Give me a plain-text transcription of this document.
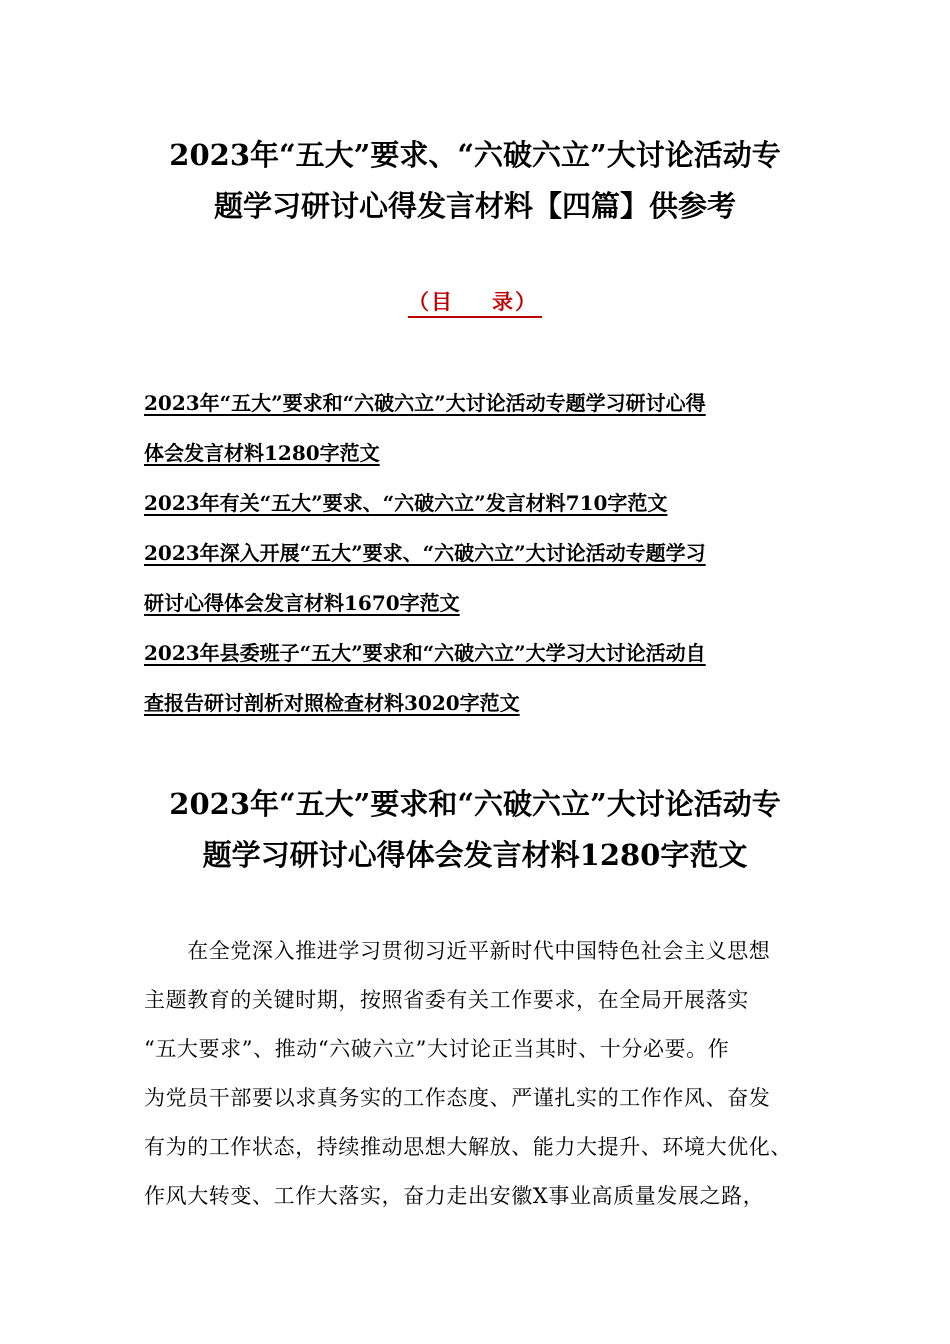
2023年“五大”要求、“六破六立”大讨论活动专
题学习研讨心得发言材料【四篇】供参考
（目 录）
2023年“五大”要求和“六破六立”大讨论活动专题学习研讨心得
体会发言材料1280字范文
2023年有关“五大”要求、“六破六立”发言材料710字范文
2023年深入开展“五大”要求、“六破六立”大讨论活动专题学习
研讨心得体会发言材料1670字范文
2023年县委班子“五大”要求和“六破六立”大学习大讨论活动自
查报告研讨剖析对照检查材料3020字范文
2023年“五大”要求和“六破六立”大讨论活动专
题学习研讨心得体会发言材料1280字范文
　　在全党深入推进学习贯彻习近平新时代中国特色社会主义思想
主题教育的关键时期，按照省委有关工作要求，在全局开展落实
“五大要求”、推动“六破六立”大讨论正当其时、十分必要。作
为党员干部要以求真务实的工作态度、严谨扎实的工作作风、奋发
有为的工作状态，持续推动思想大解放、能力大提升、环境大优化、
作风大转变、工作大落实，奋力走出安徽X事业高质量发展之路，
